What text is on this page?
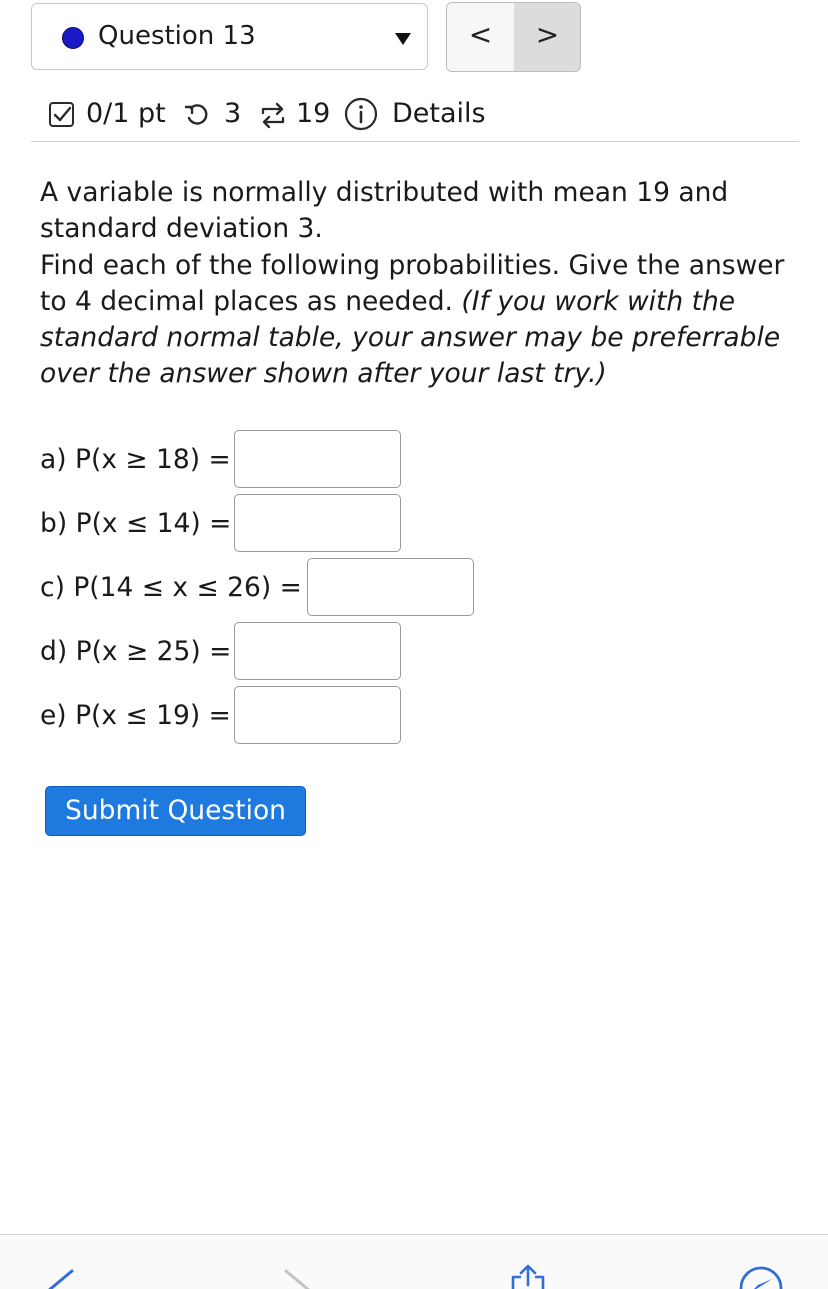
Question 13	<	>
0/1 pt 3 19 Details
A variable is normally distributed with mean 19 and standard deviation 3.
Find each of the following probabilities. Give the answer to 4 decimal places as needed. (If you work with the standard normal table, your answer may be preferrable over the answer shown after your last try.)
a) P(x ≥ 18) =
b) P(x ≤ 14) =
c) P(14 ≤ x ≤ 26) =
d) P(x ≥ 25) =
e) P(x ≤ 19) =
Submit Question
